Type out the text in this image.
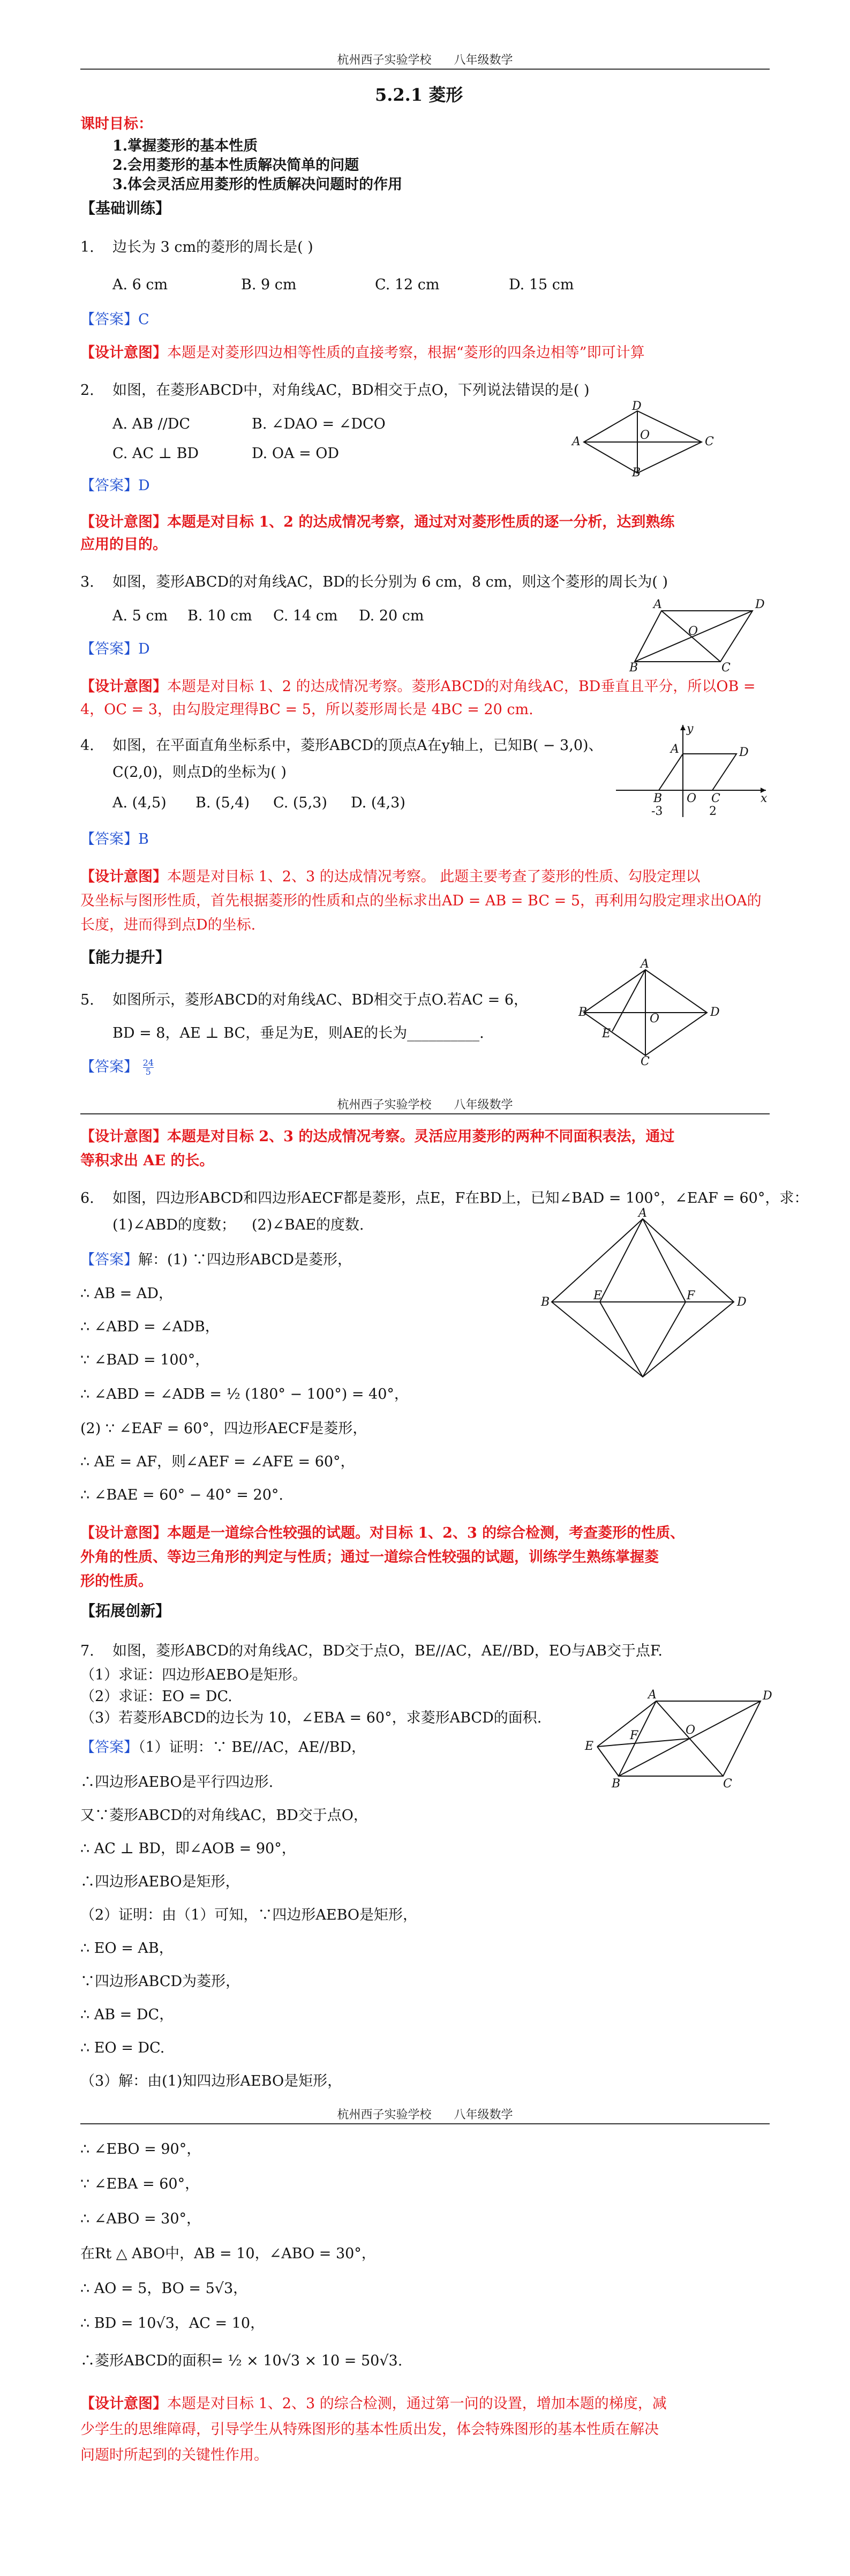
杭州西子实验学校 八年级数学
5.2.1 菱形
课时目标：
1.掌握菱形的基本性质
2.会用菱形的基本性质解决简单的问题
3.体会灵活应用菱形的性质解决问题时的作用
【基础训练】
1. 边长为 3 cm的菱形的周长是( )
A. 6 cm	B. 9 cm	C. 12 cm	D. 15 cm
【答案】C
【设计意图】本题是对菱形四边相等性质的直接考察，根据“菱形的四条边相等”即可计算
2. 如图，在菱形ABCD中，对角线AC，BD相交于点O，下列说法错误的是( )
A. AB //DC	B. ∠DAO = ∠DCO
C. AC ⊥ BD	D. OA = OD
A
D
C
B
O
【答案】D
【设计意图】本题是对目标 1、2 的达成情况考察，通过对对菱形性质的逐一分析，达到熟练
应用的目的。
3. 如图，菱形ABCD的对角线AC，BD的长分别为 6 cm，8 cm，则这个菱形的周长为( )
A. 5 cm B. 10 cm C. 14 cm D. 20 cm
A	D
C
B
O
【答案】D
【设计意图】本题是对目标 1、2 的达成情况考察。菱形ABCD的对角线AC，BD垂直且平分，所以OB =
4，OC = 3，由勾股定理得BC = 5，所以菱形周长是 4BC = 20 cm.
4. 如图，在平面直角坐标系中，菱形ABCD的顶点A在y轴上，已知B( − 3,0)、
C(2,0)，则点D的坐标为( )
A. (4,5) B. (5,4) C. (5,3) D. (4,3)	x
y
A	D
B	C
O
-3	2
【答案】B
【设计意图】本题是对目标 1、2、3 的达成情况考察。 此题主要考查了菱形的性质、勾股定理以
及坐标与图形性质，首先根据菱形的性质和点的坐标求出AD = AB = BC = 5，再利用勾股定理求出OA的
长度，进而得到点D的坐标.
【能力提升】
5. 如图所示，菱形ABCD的对角线AC、BD相交于点O.若AC = 6，
BD = 8，AE ⊥ BC，垂足为E，则AE的长为__________.
A
D
C
B	O
E
【答案】 $\frac{24}{5}$
杭州西子实验学校 八年级数学
【设计意图】本题是对目标 2、3 的达成情况考察。灵活应用菱形的两种不同面积表法，通过
等积求出 AE 的长。
6. 如图，四边形ABCD和四边形AECF都是菱形，点E，F在BD上，已知∠BAD = 100°，∠EAF = 60°，求：
(1)∠ABD的度数； (2)∠BAE的度数.
A
D
B	E	F
【答案】解：(1) ∵四边形ABCD是菱形，
∴ AB = AD，
∴ ∠ABD = ∠ADB，
∵ ∠BAD = 100°，
∴ ∠ABD = ∠ADB = ½ (180° − 100°) = 40°，
(2) ∵ ∠EAF = 60°，四边形AECF是菱形，
∴ AE = AF，则∠AEF = ∠AFE = 60°，
∴ ∠BAE = 60° − 40° = 20°.
【设计意图】本题是一道综合性较强的试题。对目标 1、2、3 的综合检测，考查菱形的性质、
外角的性质、等边三角形的判定与性质；通过一道综合性较强的试题，训练学生熟练掌握菱
形的性质。
【拓展创新】
7. 如图，菱形ABCD的对角线AC，BD交于点O，BE//AC，AE//BD，EO与AB交于点F.
（1）求证：四边形AEBO是矩形。
（2）求证：EO = DC.
（3）若菱形ABCD的边长为 10，∠EBA = 60°，求菱形ABCD的面积.
A	D
C
B
E
F	O
【答案】（1）证明：∵ BE//AC，AE//BD，
∴四边形AEBO是平行四边形.
又∵菱形ABCD的对角线AC，BD交于点O，
∴ AC ⊥ BD，即∠AOB = 90°，
∴四边形AEBO是矩形，
（2）证明：由（1）可知，∵四边形AEBO是矩形，
∴ EO = AB，
∵四边形ABCD为菱形，
∴ AB = DC，
∴ EO = DC.
（3）解：由(1)知四边形AEBO是矩形，
杭州西子实验学校 八年级数学
∴ ∠EBO = 90°，
∵ ∠EBA = 60°，
∴ ∠ABO = 30°，
在Rt △ ABO中，AB = 10，∠ABO = 30°，
∴ AO = 5，BO = 5√3，
∴ BD = 10√3，AC = 10，
∴菱形ABCD的面积= ½ × 10√3 × 10 = 50√3.
【设计意图】本题是对目标 1、2、3 的综合检测，通过第一问的设置，增加本题的梯度，减
少学生的思维障碍，引导学生从特殊图形的基本性质出发，体会特殊图形的基本性质在解决
问题时所起到的关键性作用。
